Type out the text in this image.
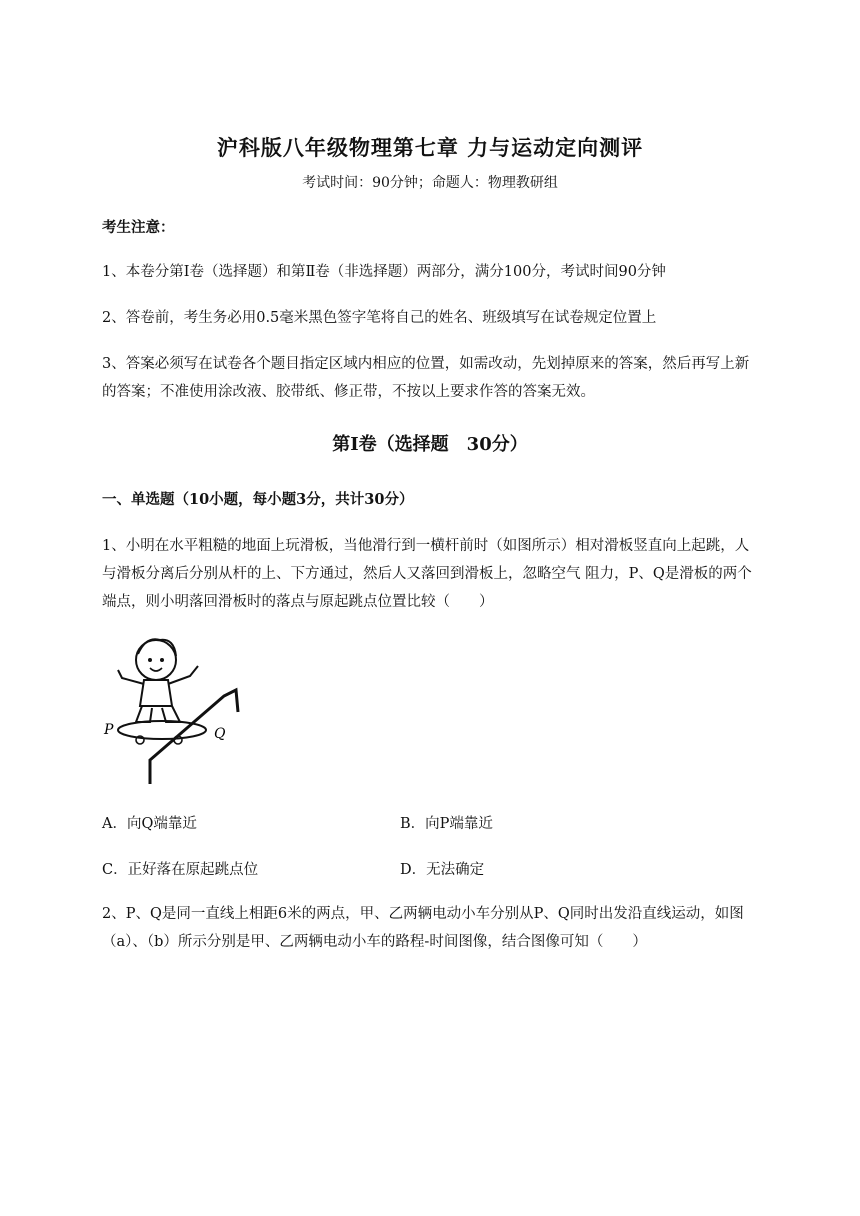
沪科版八年级物理第七章 力与运动定向测评
考试时间：90分钟；命题人：物理教研组
考生注意：
1、本卷分第Ⅰ卷（选择题）和第Ⅱ卷（非选择题）两部分，满分100分，考试时间90分钟
2、答卷前，考生务必用0.5毫米黑色签字笔将自己的姓名、班级填写在试卷规定位置上
3、答案必须写在试卷各个题目指定区域内相应的位置，如需改动，先划掉原来的答案，然后再写上新的答案；不准使用涂改液、胶带纸、修正带，不按以上要求作答的答案无效。
第Ⅰ卷（选择题　30分）
一、单选题（10小题，每小题3分，共计30分）
1、小明在水平粗糙的地面上玩滑板，当他滑行到一横杆前时（如图所示）相对滑板竖直向上起跳，人与滑板分离后分别从杆的上、下方通过，然后人又落回到滑板上，忽略空气 阻力，P、Q是滑板的两个端点，则小明落回滑板时的落点与原起跳点位置比较（　　）
P	Q
A．向Q端靠近	B．向P端靠近
C．正好落在原起跳点位	D．无法确定
2、P、Q是同一直线上相距6米的两点，甲、乙两辆电动小车分别从P、Q同时出发沿直线运动，如图（a）、（b）所示分别是甲、乙两辆电动小车的路程-时间图像，结合图像可知（　　）
